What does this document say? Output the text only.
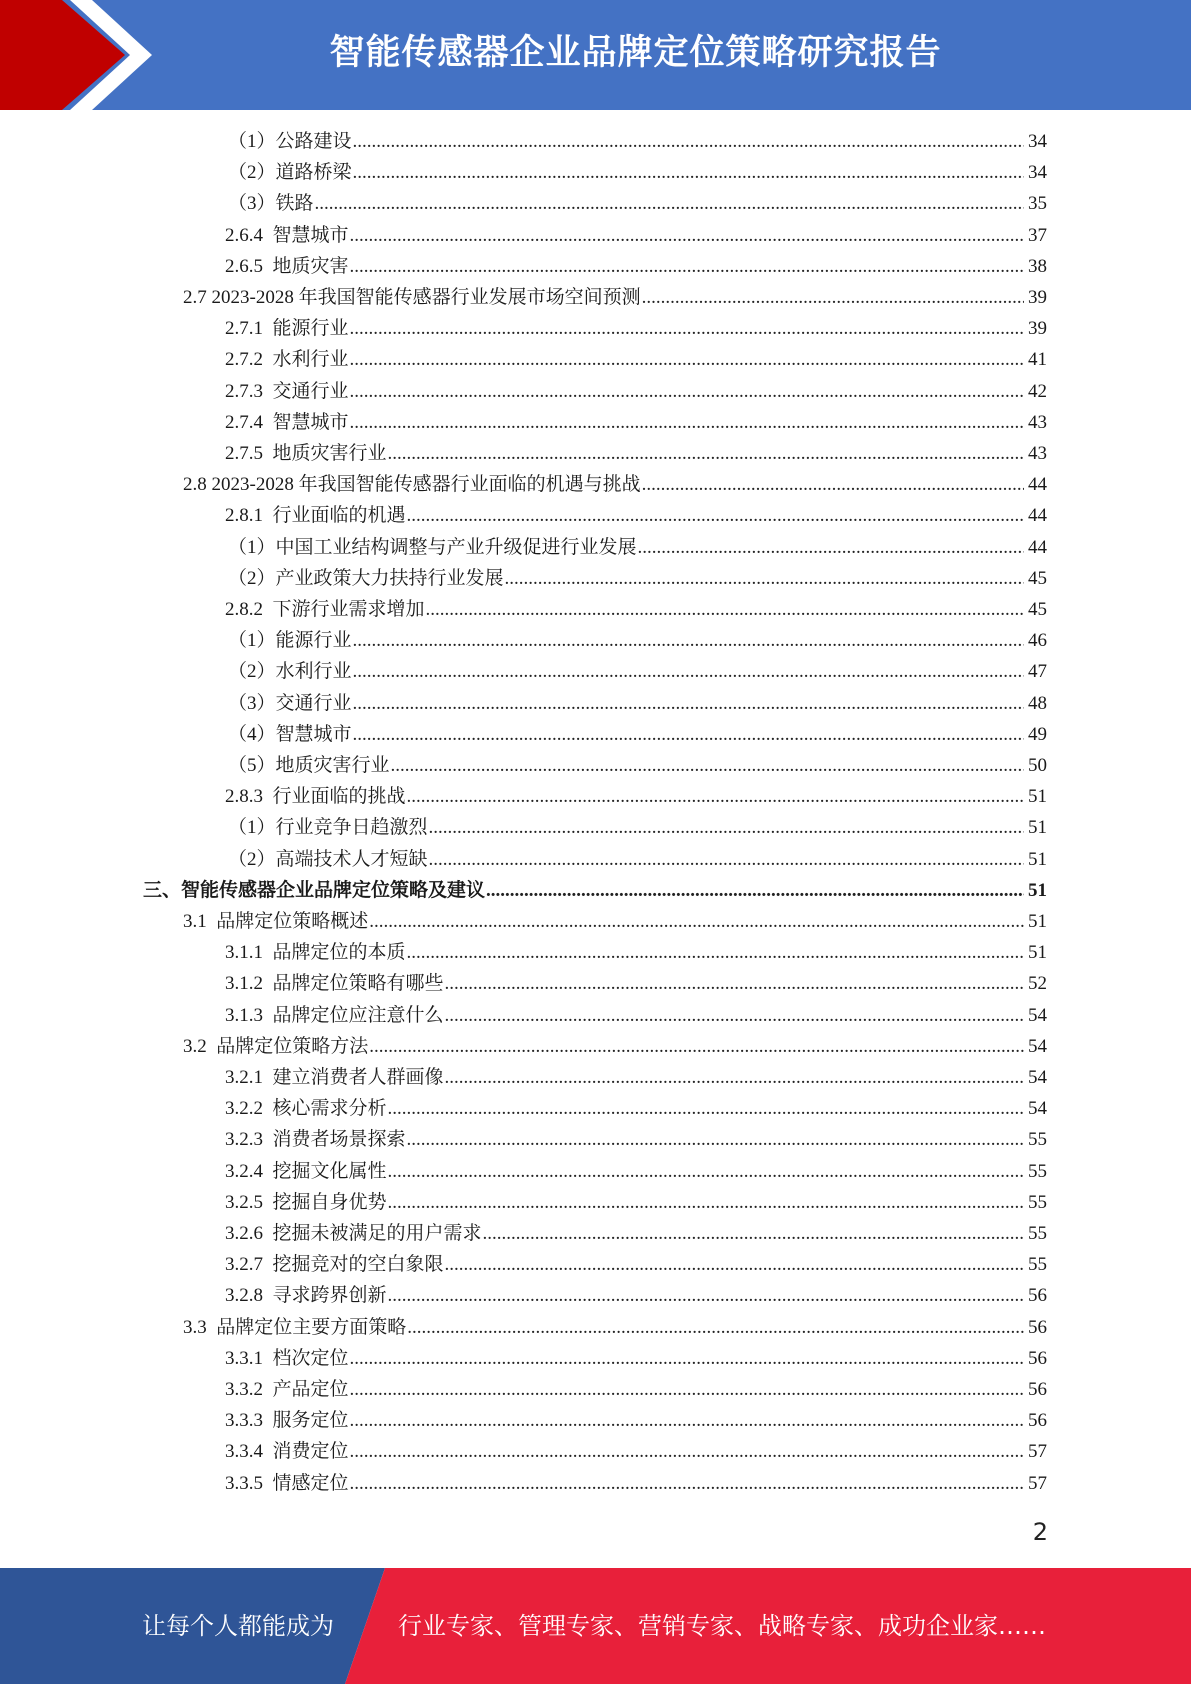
智能传感器企业品牌定位策略研究报告
（1） 公路建设 .....	34
（2） 道路桥梁 .....	34
（3） 铁路 .....	35
2.6.4 智慧城市 .....	37
2.6.5 地质灾害 .....	38
2.7 2023-2028 年我国智能传感器行业发展市场空间预测 .....	39
2.7.1 能源行业 .....	39
2.7.2 水利行业 .....	41
2.7.3 交通行业 .....	42
2.7.4 智慧城市 .....	43
2.7.5 地质灾害行业 .....	43
2.8 2023-2028 年我国智能传感器行业面临的机遇与挑战 .....	44
2.8.1 行业面临的机遇 .....	44
（1） 中国工业结构调整与产业升级促进行业发展 .....	44
（2） 产业政策大力扶持行业发展 .....	45
2.8.2 下游行业需求增加 .....	45
（1） 能源行业 .....	46
（2） 水利行业 .....	47
（3） 交通行业 .....	48
（4） 智慧城市 .....	49
（5） 地质灾害行业 .....	50
2.8.3 行业面临的挑战 .....	51
（1） 行业竞争日趋激烈 .....	51
（2） 高端技术人才短缺 .....	51
三、 智能传感器企业品牌定位策略及建议 .....	51
3.1 品牌定位策略概述 .....	51
3.1.1 品牌定位的本质 .....	51
3.1.2 品牌定位策略有哪些 .....	52
3.1.3 品牌定位应注意什么 .....	54
3.2 品牌定位策略方法 .....	54
3.2.1 建立消费者人群画像 .....	54
3.2.2 核心需求分析 .....	54
3.2.3 消费者场景探索 .....	55
3.2.4 挖掘文化属性 .....	55
3.2.5 挖掘自身优势 .....	55
3.2.6 挖掘未被满足的用户需求 .....	55
3.2.7 挖掘竞对的空白象限 .....	55
3.2.8 寻求跨界创新 .....	56
3.3 品牌定位主要方面策略 .....	56
3.3.1 档次定位 .....	56
3.3.2 产品定位 .....	56
3.3.3 服务定位 .....	56
3.3.4 消费定位 .....	57
3.3.5 情感定位 .....	57
2
让每个人都能成为	行业专家、管理专家、营销专家、战略专家、成功企业家……
